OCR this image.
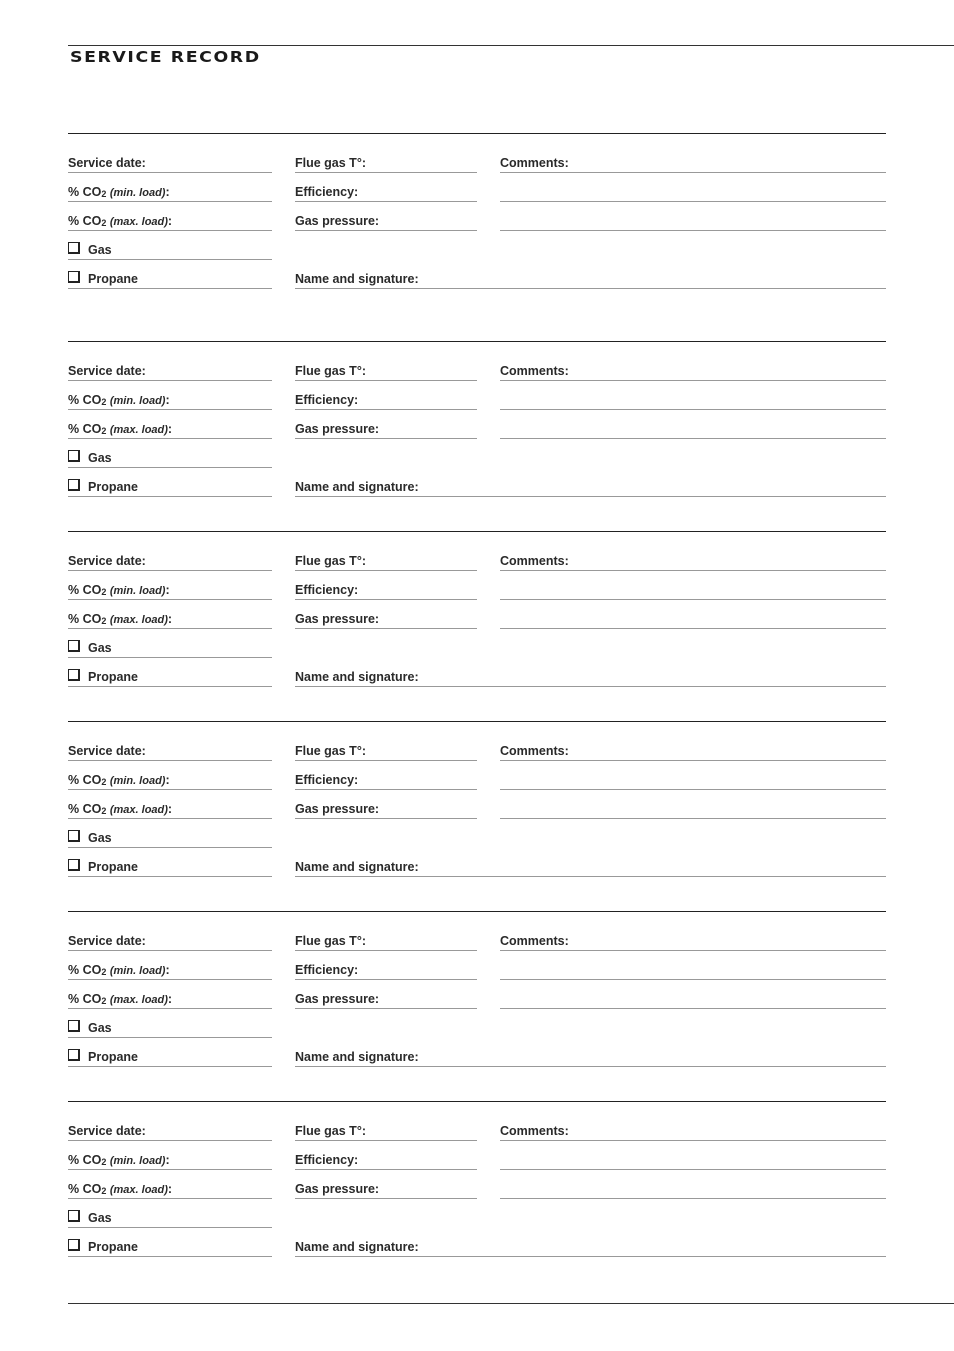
SERVICE RECORD
Service date:
% $CO_2$ (min. load):
% $CO_2$ (max. load):
Gas
Propane
Flue gas T°:
Efficiency:
Gas pressure:
Comments:
Name and signature:
Service date:
% $CO_2$ (min. load):
% $CO_2$ (max. load):
Gas
Propane
Flue gas T°:
Efficiency:
Gas pressure:
Comments:
Name and signature:
Service date:
% $CO_2$ (min. load):
% $CO_2$ (max. load):
Gas
Propane
Flue gas T°:
Efficiency:
Gas pressure:
Comments:
Name and signature:
Service date:
% $CO_2$ (min. load):
% $CO_2$ (max. load):
Gas
Propane
Flue gas T°:
Efficiency:
Gas pressure:
Comments:
Name and signature:
Service date:
% $CO_2$ (min. load):
% $CO_2$ (max. load):
Gas
Propane
Flue gas T°:
Efficiency:
Gas pressure:
Comments:
Name and signature:
Service date:
% $CO_2$ (min. load):
% $CO_2$ (max. load):
Gas
Propane
Flue gas T°:
Efficiency:
Gas pressure:
Comments:
Name and signature:
